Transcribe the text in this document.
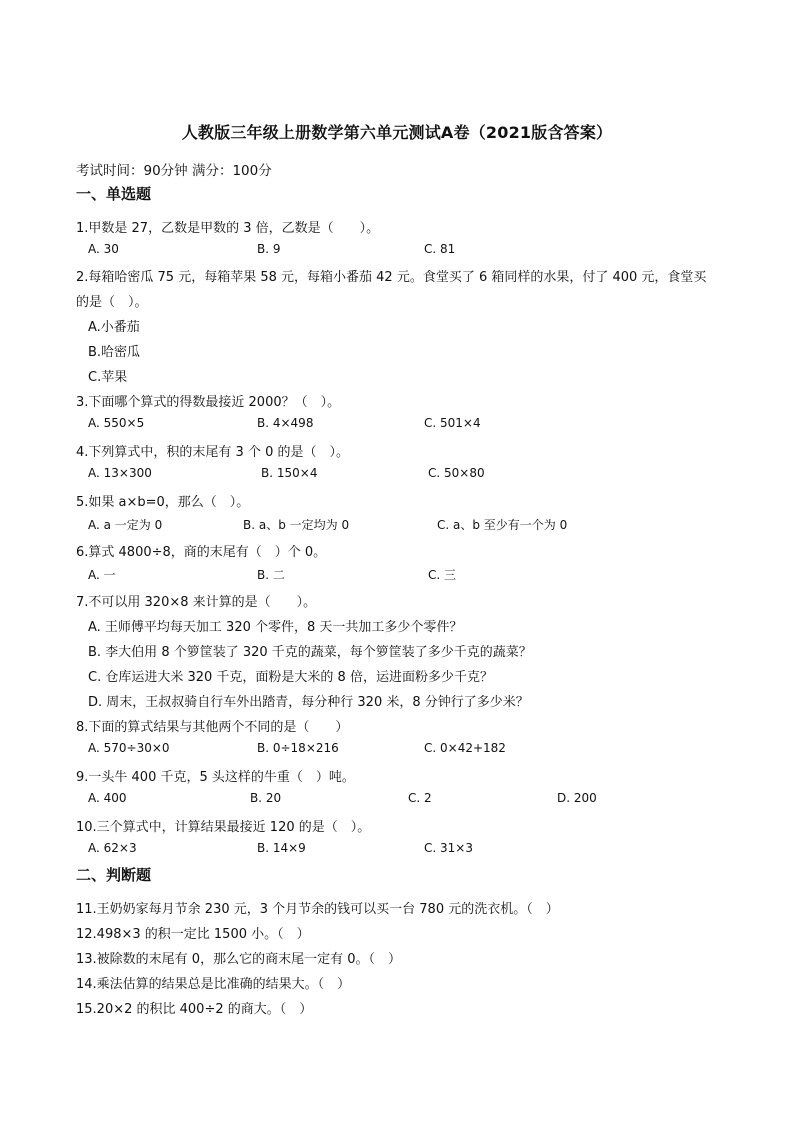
人教版三年级上册数学第六单元测试A卷（2021版含答案）
考试时间：90分钟 满分：100分
一、单选题
1.甲数是 27，乙数是甲数的 3 倍，乙数是（　　）。
A. 30	B. 9	C. 81
2.每箱哈密瓜 75 元，每箱苹果 58 元，每箱小番茄 42 元。食堂买了 6 箱同样的水果，付了 400 元，食堂买
的是（　）。
A.小番茄
B.哈密瓜
C.苹果
3.下面哪个算式的得数最接近 2000？（　）。
A. 550×5	B. 4×498	C. 501×4
4.下列算式中，积的末尾有 3 个 0 的是（　）。
A. 13×300	B. 150×4	C. 50×80
5.如果 a×b=0，那么（　）。
A. a 一定为 0	B. a、b 一定均为 0	C. a、b 至少有一个为 0
6.算式 4800÷8，商的末尾有（　）个 0。
A. 一	B. 二	C. 三
7.不可以用 320×8 来计算的是（　　）。
A. 王师傅平均每天加工 320 个零件，8 天一共加工多少个零件？
B. 李大伯用 8 个箩筐装了 320 千克的蔬菜，每个箩筐装了多少千克的蔬菜？
C. 仓库运进大米 320 千克，面粉是大米的 8 倍，运进面粉多少千克？
D. 周末，王叔叔骑自行车外出踏青，每分种行 320 米，8 分钟行了多少米？
8.下面的算式结果与其他两个不同的是（　　）
A. 570÷30×0	B. 0÷18×216	C. 0×42+182
9.一头牛 400 千克，5 头这样的牛重（　）吨。
A. 400	B. 20	C. 2	D. 200
10.三个算式中，计算结果最接近 120 的是（　）。
A. 62×3	B. 14×9	C. 31×3
二、判断题
11.王奶奶家每月节余 230 元，3 个月节余的钱可以买一台 780 元的洗衣机。（　）
12.498×3 的积一定比 1500 小。（　）
13.被除数的末尾有 0，那么它的商末尾一定有 0。（　）
14.乘法估算的结果总是比准确的结果大。（　）
15.20×2 的积比 400÷2 的商大。（　）
